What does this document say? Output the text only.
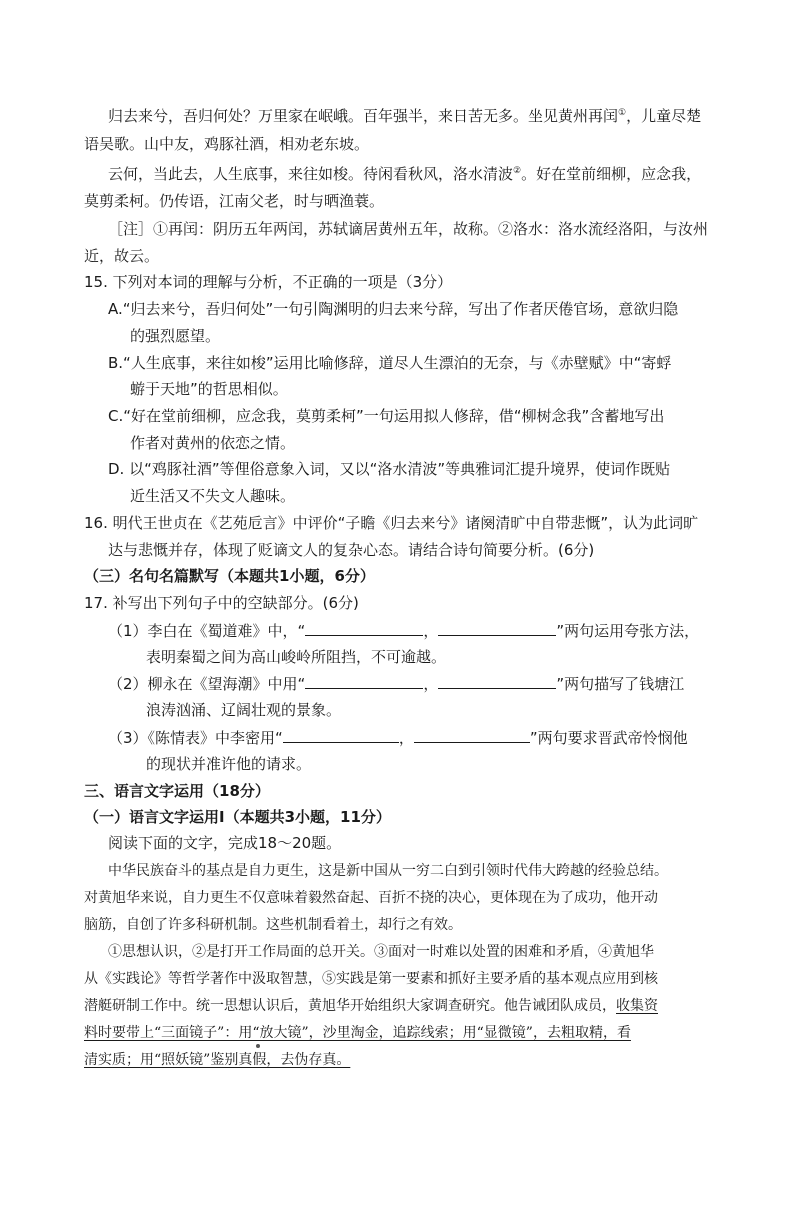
归去来兮，吾归何处？万里家在岷峨。百年强半，来日苦无多。坐见黄州再闰①，儿童尽楚
语吴歌。山中友，鸡豚社酒，相劝老东坡。
云何，当此去，人生底事，来往如梭。待闲看秋风，洛水清波②。好在堂前细柳，应念我，
莫剪柔柯。仍传语，江南父老，时与晒渔蓑。
［注］①再闰：阴历五年两闰，苏轼谪居黄州五年，故称。②洛水：洛水流经洛阳，与汝州
近，故云。
15. 下列对本词的理解与分析，不正确的一项是（3分）
A.“归去来兮，吾归何处”一句引陶渊明的归去来兮辞，写出了作者厌倦官场，意欲归隐
的强烈愿望。
B.“人生底事，来往如梭”运用比喻修辞，道尽人生漂泊的无奈，与《赤壁赋》中“寄蜉
蝣于天地”的哲思相似。
C.“好在堂前细柳，应念我，莫剪柔柯”一句运用拟人修辞，借“柳树念我”含蓄地写出
作者对黄州的依恋之情。
D. 以“鸡豚社酒”等俚俗意象入词，又以“洛水清波”等典雅词汇提升境界，使词作既贴
近生活又不失文人趣味。
16. 明代王世贞在《艺苑卮言》中评价“子瞻《归去来兮》诸阕清旷中自带悲慨”，认为此词旷
达与悲慨并存，体现了贬谪文人的复杂心态。请结合诗句简要分析。(6分)
（三）名句名篇默写（本题共1小题，6分）
17. 补写出下列句子中的空缺部分。(6分)
（1）李白在《蜀道难》中，“	，	”两句运用夸张方法，
表明秦蜀之间为高山峻岭所阻挡，不可逾越。
（2）柳永在《望海潮》中用“	，	”两句描写了钱塘江
浪涛汹涌、辽阔壮观的景象。
（3）《陈情表》中李密用“	，	”两句要求晋武帝怜悯他
的现状并准许他的请求。
三、语言文字运用（18分）
（一）语言文字运用Ⅰ（本题共3小题，11分）
阅读下面的文字，完成18～20题。
中华民族奋斗的基点是自力更生，这是新中国从一穷二白到引领时代伟大跨越的经验总结。
对黄旭华来说，自力更生不仅意味着毅然奋起、百折不挠的决心，更体现在为了成功，他开动
脑筋，自创了许多科研机制。这些机制看着土，却行之有效。
①思想认识，②是打开工作局面的总开关。③面对一时难以处置的困难和矛盾，④黄旭华
从《实践论》等哲学著作中汲取智慧，⑤实践是第一要素和抓好主要矛盾的基本观点应用到核
潜艇研制工作中。统一思想认识后，黄旭华开始组织大家调查研究。他告诫团队成员，收集资
料时要带上“三面镜子”：用“放大镜”，沙里淘金，追踪线索；用“显微镜”，去粗取精，看
清实质；用“照妖镜”鉴别真假，去伪存真。
